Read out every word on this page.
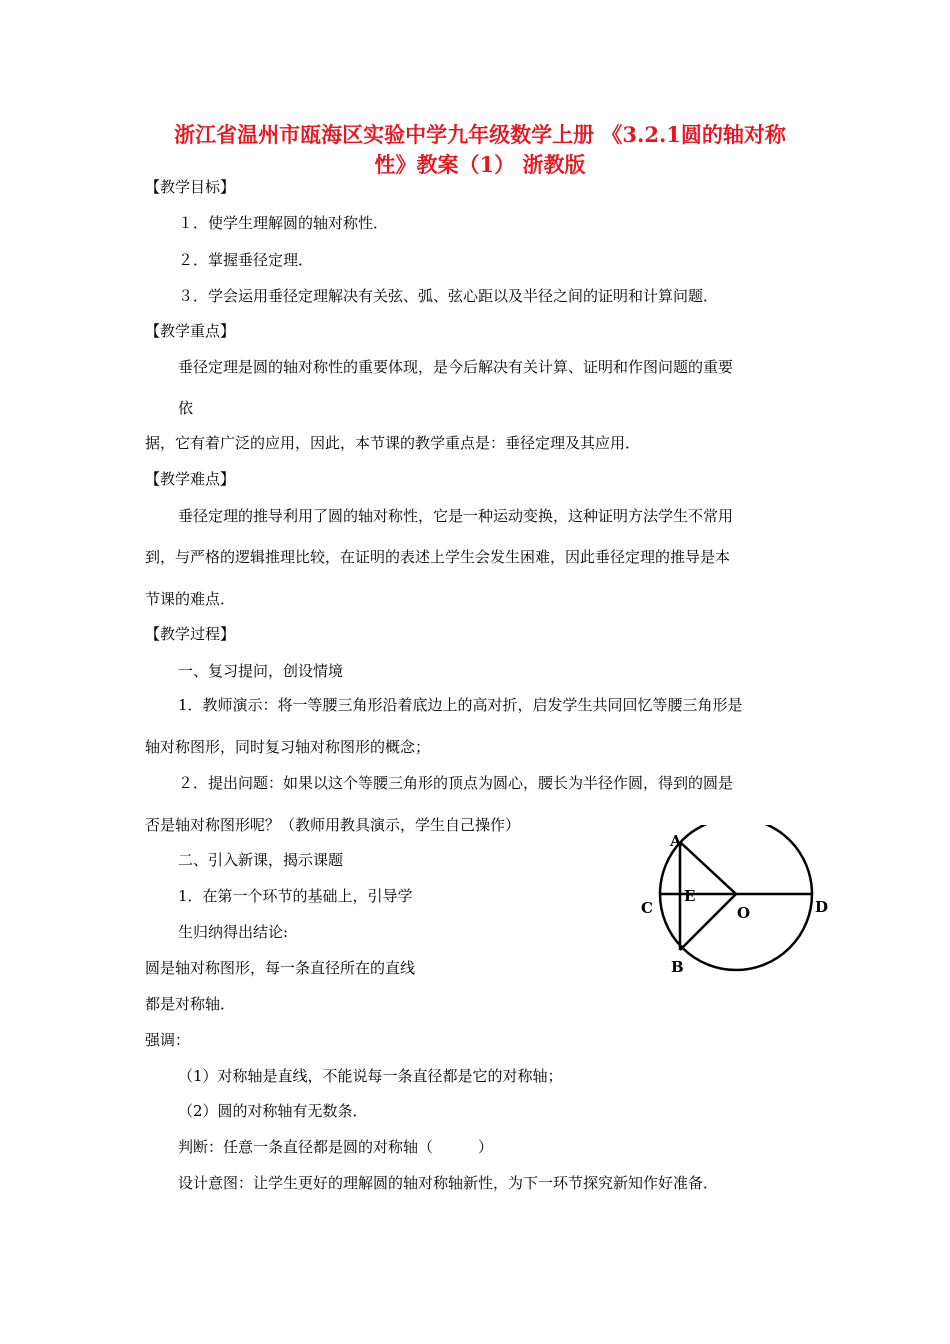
浙江省温州市瓯海区实验中学九年级数学上册 《3.2.1圆的轴对称
性》教案（1） 浙教版
【教学目标】
１．使学生理解圆的轴对称性．
２．掌握垂径定理．
３．学会运用垂径定理解决有关弦、弧、弦心距以及半径之间的证明和计算问题．
【教学重点】
垂径定理是圆的轴对称性的重要体现，是今后解决有关计算、证明和作图问题的重要
依
据，它有着广泛的应用，因此，本节课的教学重点是：垂径定理及其应用．
【教学难点】
垂径定理的推导利用了圆的轴对称性，它是一种运动变换，这种证明方法学生不常用
到，与严格的逻辑推理比较，在证明的表述上学生会发生困难，因此垂径定理的推导是本
节课的难点．
【教学过程】
一、复习提问，创设情境
1．教师演示：将一等腰三角形沿着底边上的高对折，启发学生共同回忆等腰三角形是
轴对称图形，同时复习轴对称图形的概念；
２．提出问题：如果以这个等腰三角形的顶点为圆心，腰长为半径作圆，得到的圆是
否是轴对称图形呢？（教师用教具演示，学生自己操作）
二、引入新课，揭示课题
1．在第一个环节的基础上，引导学
生归纳得出结论:
圆是轴对称图形，每一条直径所在的直线
都是对称轴．
强调：
（1）对称轴是直线，不能说每一条直径都是它的对称轴；
（2）圆的对称轴有无数条．
判断：任意一条直径都是圆的对称轴（　　　）
设计意图：让学生更好的理解圆的轴对称轴新性，为下一环节探究新知作好准备．
A
B
C	D
E
O
